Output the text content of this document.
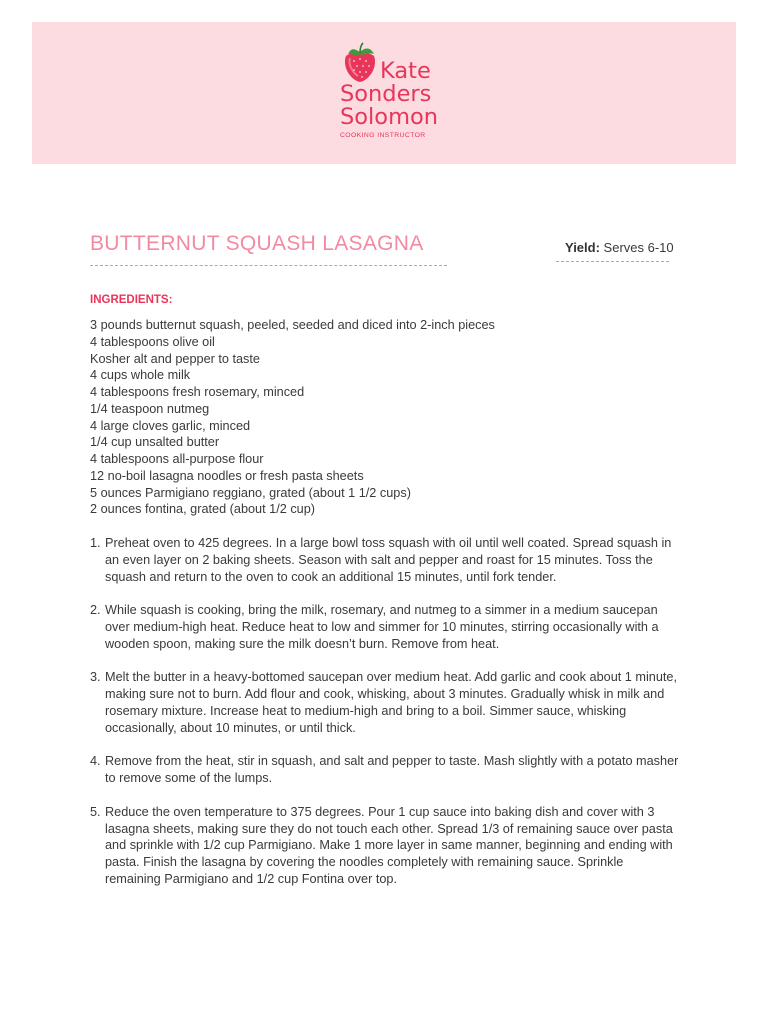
Kate
Sonders
Solomon
COOKING INSTRUCTOR
BUTTERNUT SQUASH LASAGNA	Yield: Serves 6-10
INGREDIENTS:
3 pounds butternut squash, peeled, seeded and diced into 2-inch pieces
4 tablespoons olive oil
Kosher alt and pepper to taste
4 cups whole milk
4 tablespoons fresh rosemary, minced
1/4 teaspoon nutmeg
4 large cloves garlic, minced
1/4 cup unsalted butter
4 tablespoons all-purpose flour
12 no-boil lasagna noodles or fresh pasta sheets
5 ounces Parmigiano reggiano, grated (about 1 1/2 cups)
2 ounces fontina, grated (about 1/2 cup)
1. Preheat oven to 425 degrees. In a large bowl toss squash with oil until well coated. Spread squash in an even layer on 2 baking sheets. Season with salt and pepper and roast for 15 minutes. Toss the squash and return to the oven to cook an additional 15 minutes, until fork tender.
2. While squash is cooking, bring the milk, rosemary, and nutmeg to a simmer in a medium saucepan over medium-high heat. Reduce heat to low and simmer for 10 minutes, stirring occasionally with a wooden spoon, making sure the milk doesn’t burn. Remove from heat.
3. Melt the butter in a heavy-bottomed saucepan over medium heat. Add garlic and cook about 1 minute, making sure not to burn. Add flour and cook, whisking, about 3 minutes. Gradually whisk in milk and rosemary mixture. Increase heat to medium-high and bring to a boil. Simmer sauce, whisking occasionally, about 10 minutes, or until thick.
4. Remove from the heat, stir in squash, and salt and pepper to taste. Mash slightly with a potato masher to remove some of the lumps.
5. Reduce the oven temperature to 375 degrees. Pour 1 cup sauce into baking dish and cover with 3 lasagna sheets, making sure they do not touch each other. Spread 1/3 of remaining sauce over pasta and sprinkle with 1/2 cup Parmigiano. Make 1 more layer in same manner, beginning and ending with pasta. Finish the lasagna by covering the noodles completely with remaining sauce. Sprinkle remaining Parmigiano and 1/2 cup Fontina over top.
